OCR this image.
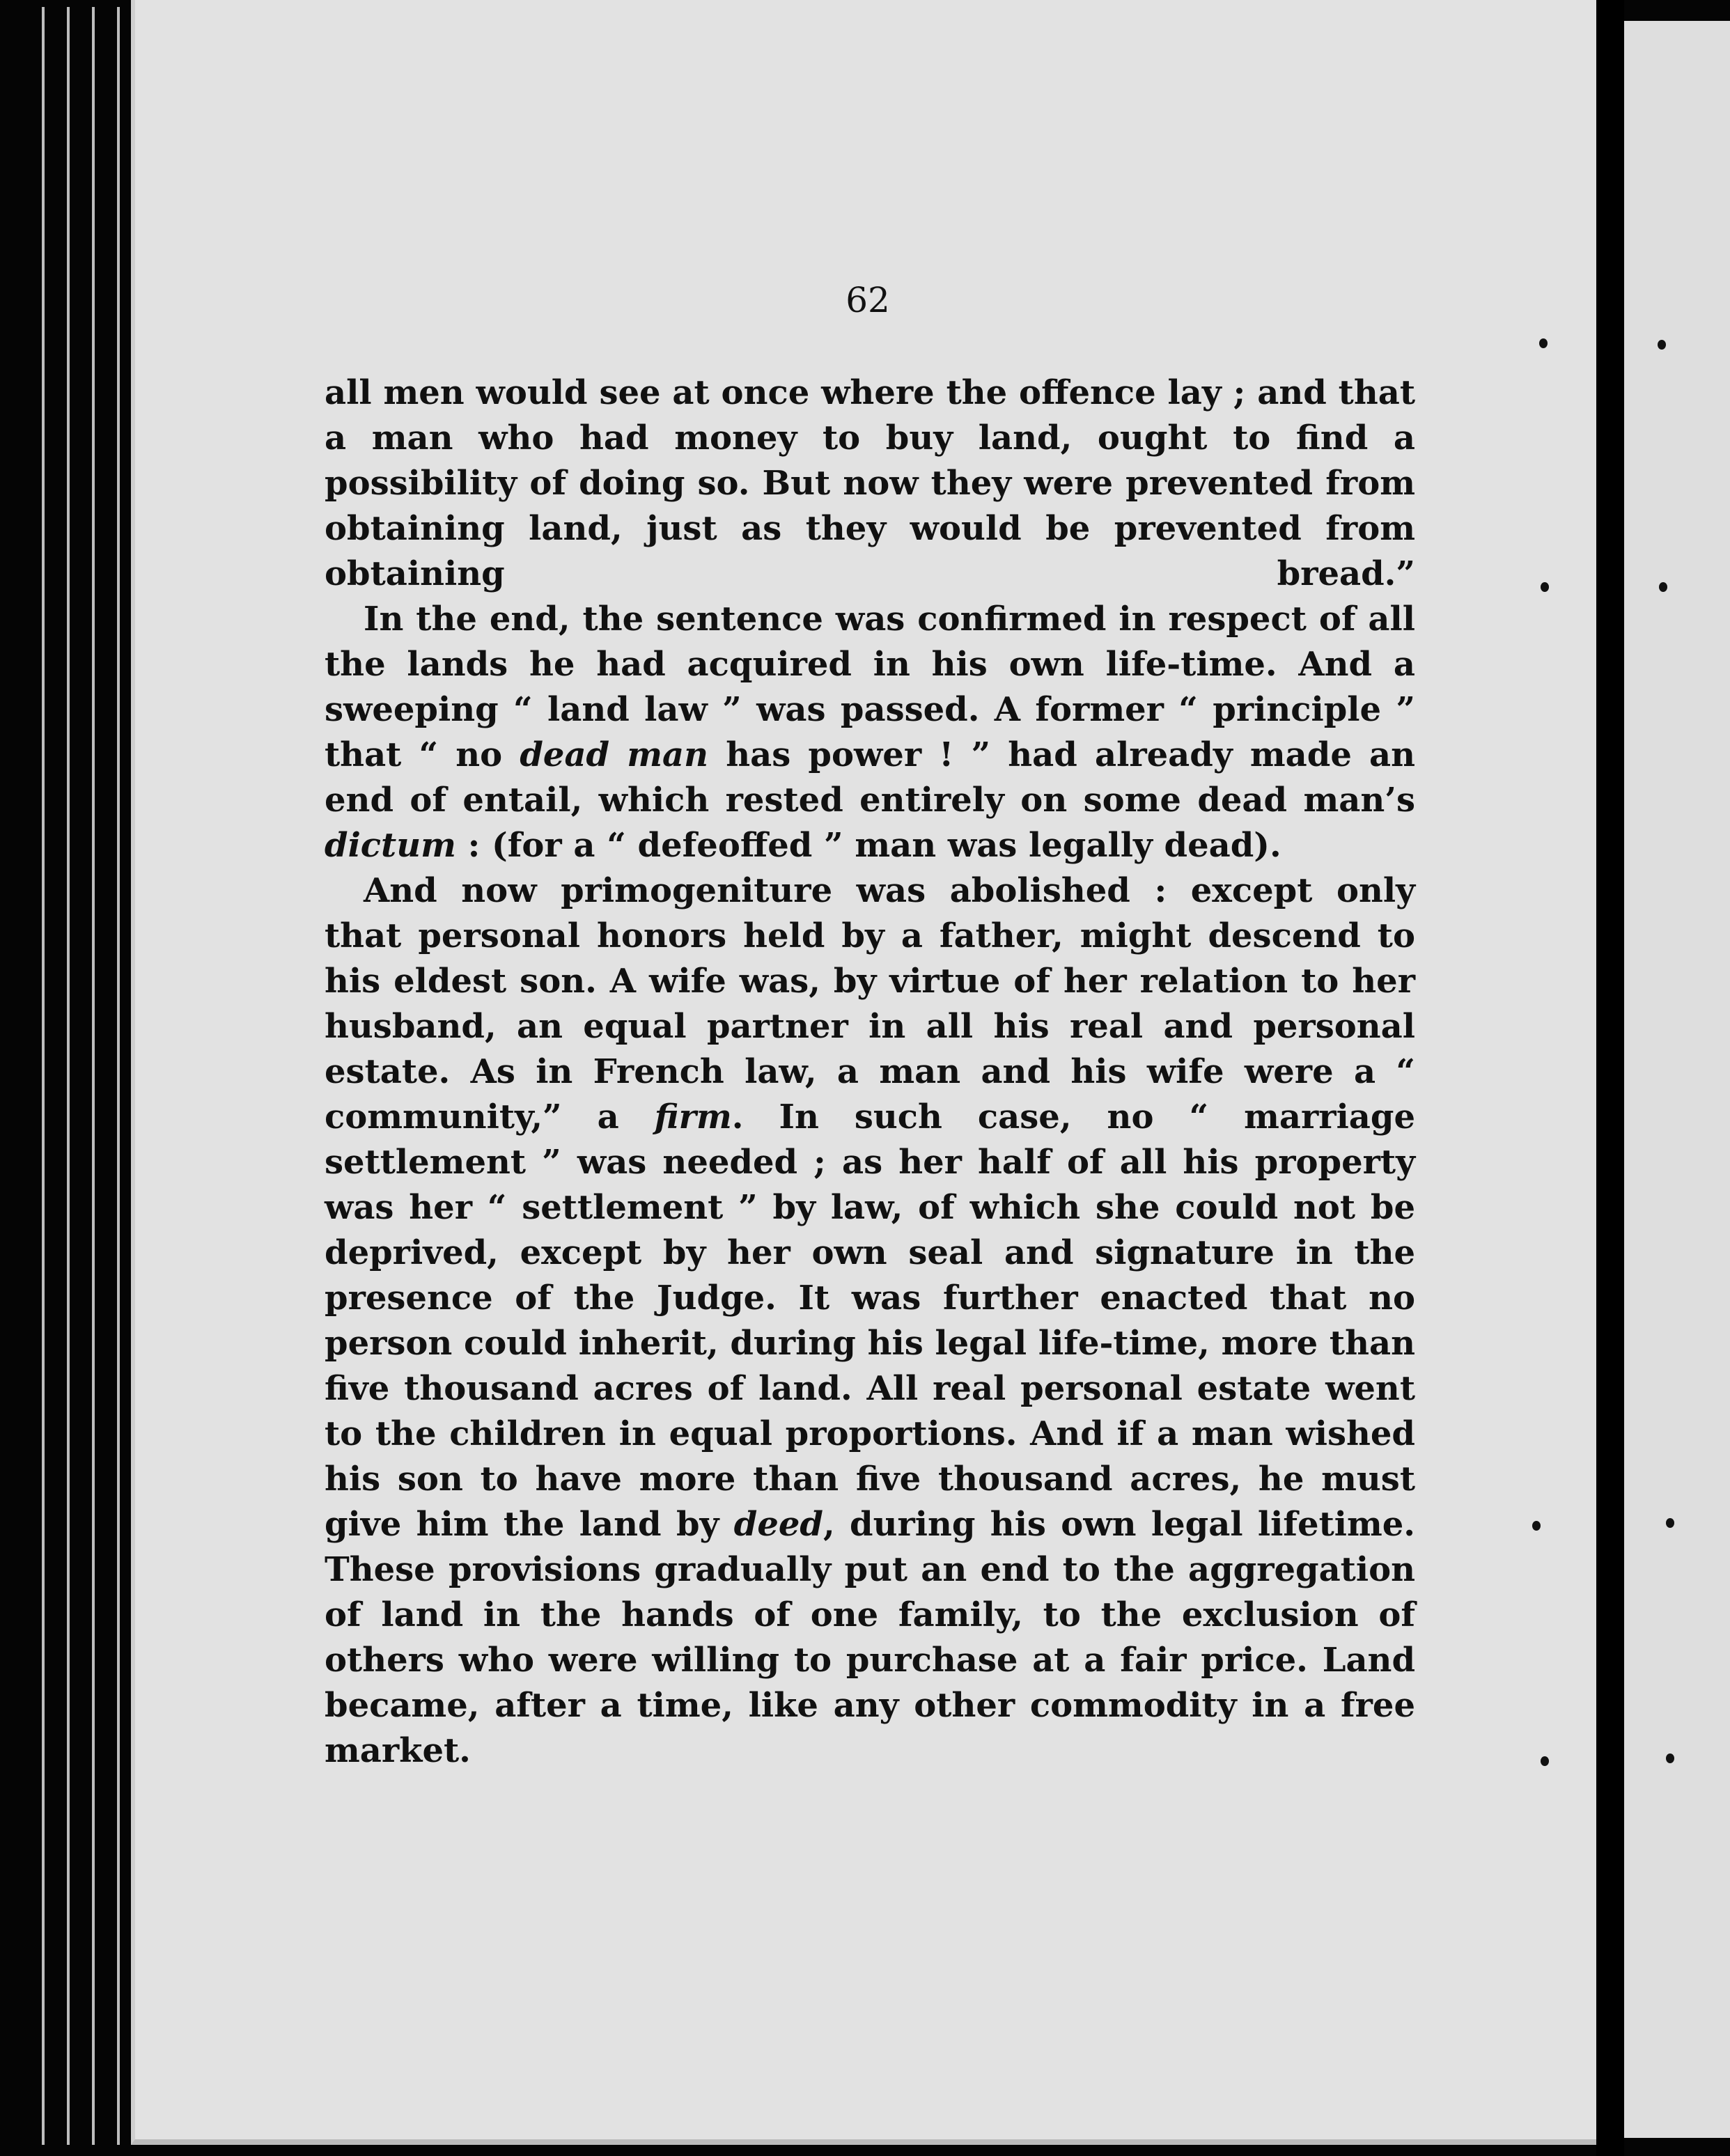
62

all men would see at once where the offence lay ; and that a man who had money to buy land, ought to find a possibility of doing so. But now they were prevented from obtaining land, just as they would be prevented from obtaining bread.”

In the end, the sentence was confirmed in respect of all the lands he had acquired in his own life-time. And a sweeping “ land law ” was passed. A former “ principle ” that “ no dead man has power ! ” had already made an end of entail, which rested entirely on some dead man’s dictum : (for a “ defeoffed ” man was legally dead).

And now primogeniture was abolished : except only that personal honors held by a father, might descend to his eldest son. A wife was, by virtue of her relation to her husband, an equal partner in all his real and personal estate. As in French law, a man and his wife were a “ community,” a firm. In such case, no “ marriage settlement ” was needed ; as her half of all his property was her “ settlement ” by law, of which she could not be deprived, except by her own seal and signature in the presence of the Judge. It was further enacted that no person could inherit, during his legal life-time, more than five thousand acres of land. All real personal estate went to the children in equal proportions. And if a man wished his son to have more than five thousand acres, he must give him the land by deed, during his own legal lifetime. These provisions gradually put an end to the aggregation of land in the hands of one family, to the exclusion of others who were willing to purchase at a fair price. Land became, after a time, like any other commodity in a free market.
